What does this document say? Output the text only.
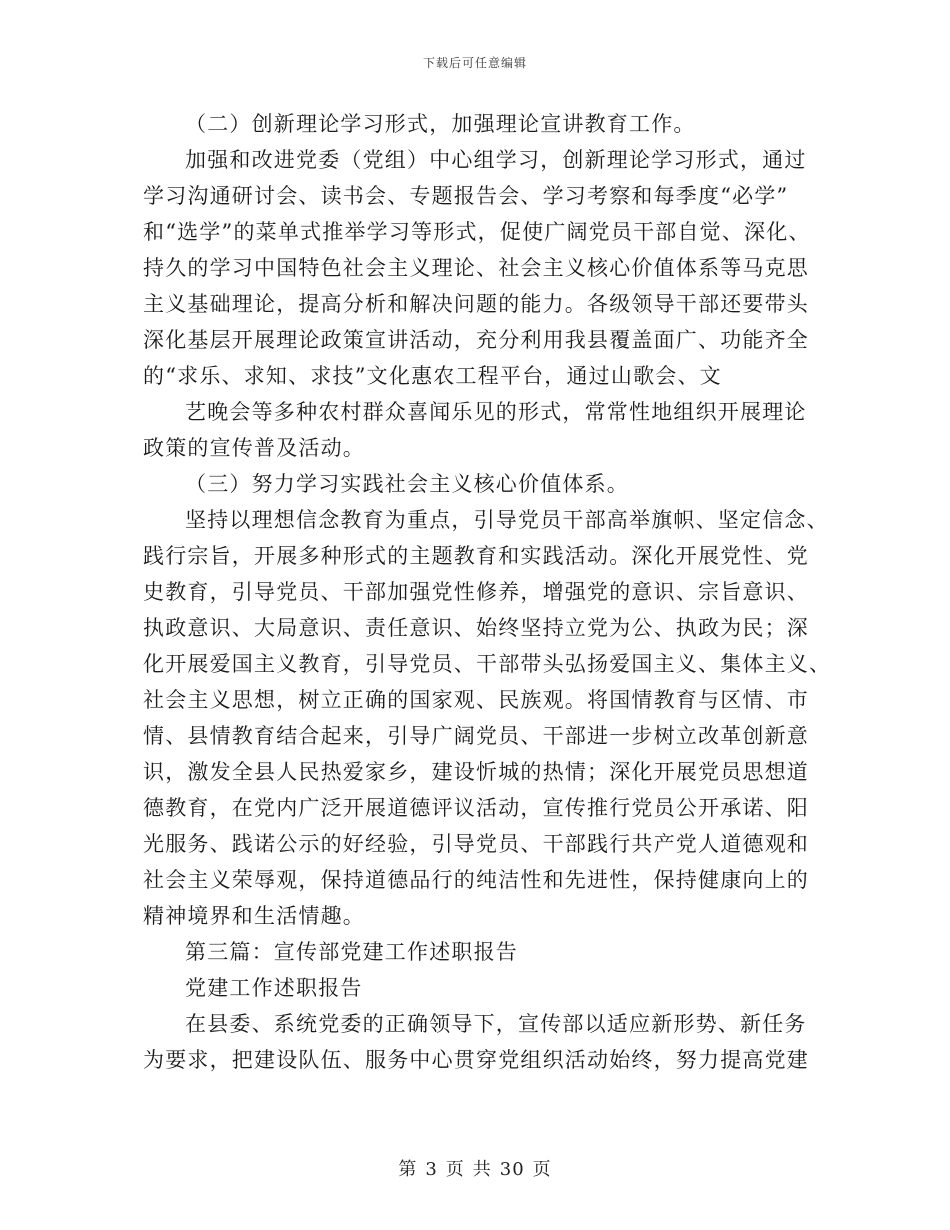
下载后可任意编辑
（二）创新理论学习形式，加强理论宣讲教育工作。
加强和改进党委（党组）中心组学习，创新理论学习形式，通过
学习沟通研讨会、读书会、专题报告会、学习考察和每季度“必学”
和“选学”的菜单式推举学习等形式，促使广阔党员干部自觉、深化、
持久的学习中国特色社会主义理论、社会主义核心价值体系等马克思
主义基础理论，提高分析和解决问题的能力。各级领导干部还要带头
深化基层开展理论政策宣讲活动，充分利用我县覆盖面广、功能齐全
的“求乐、求知、求技”文化惠农工程平台，通过山歌会、文
艺晚会等多种农村群众喜闻乐见的形式，常常性地组织开展理论
政策的宣传普及活动。
（三）努力学习实践社会主义核心价值体系。
坚持以理想信念教育为重点，引导党员干部高举旗帜、坚定信念、
践行宗旨，开展多种形式的主题教育和实践活动。深化开展党性、党
史教育，引导党员、干部加强党性修养，增强党的意识、宗旨意识、
执政意识、大局意识、责任意识、始终坚持立党为公、执政为民；深
化开展爱国主义教育，引导党员、干部带头弘扬爱国主义、集体主义、
社会主义思想，树立正确的国家观、民族观。将国情教育与区情、市
情、县情教育结合起来，引导广阔党员、干部进一步树立改革创新意
识，激发全县人民热爱家乡，建设忻城的热情；深化开展党员思想道
德教育，在党内广泛开展道德评议活动，宣传推行党员公开承诺、阳
光服务、践诺公示的好经验，引导党员、干部践行共产党人道德观和
社会主义荣辱观，保持道德品行的纯洁性和先进性，保持健康向上的
精神境界和生活情趣。
第三篇：宣传部党建工作述职报告
党建工作述职报告
在县委、系统党委的正确领导下，宣传部以适应新形势、新任务
为要求，把建设队伍、服务中心贯穿党组织活动始终，努力提高党建
第 3 页 共 30 页
